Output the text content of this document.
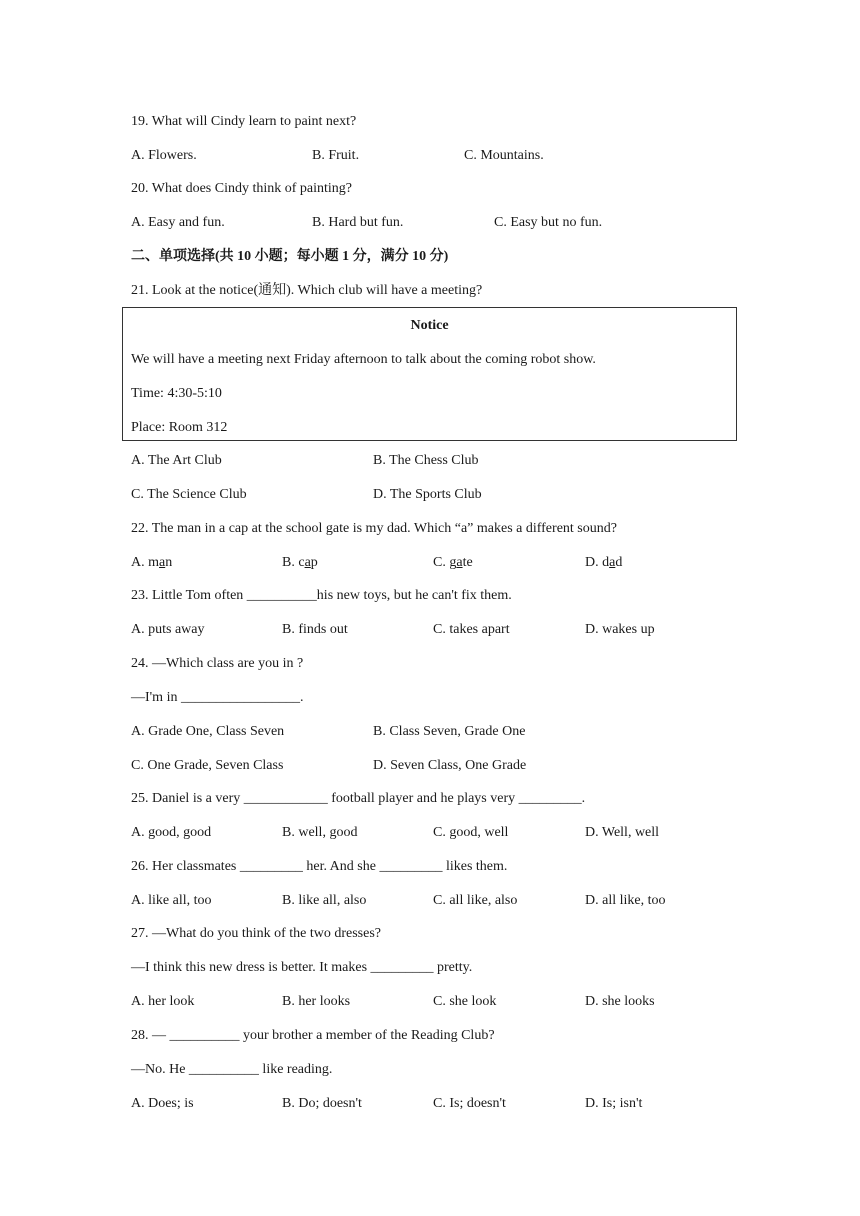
19. What will Cindy learn to paint next?
A. Flowers.	B. Fruit.	C. Mountains.
20. What does Cindy think of painting?
A. Easy and fun.	B. Hard but fun.	C. Easy but no fun.
二、单项选择(共 10 小题；每小题 1 分，满分 10 分)
21. Look at the notice(通知). Which club will have a meeting?
Notice
We will have a meeting next Friday afternoon to talk about the coming robot show.
Time: 4:30-5:10
Place: Room 312
A. The Art Club	B. The Chess Club
C. The Science Club	D. The Sports Club
22. The man in a cap at the school gate is my dad. Which “a” makes a different sound?
A. man	B. cap	C. gate	D. dad
23. Little Tom often __________his new toys, but he can't fix them.
A. puts away	B. finds out	C. takes apart	D. wakes up
24. —Which class are you in ?
—I'm in _________________.
A. Grade One, Class Seven	B. Class Seven, Grade One
C. One Grade, Seven Class	D. Seven Class, One Grade
25. Daniel is a very ____________ football player and he plays very _________.
A. good, good	B. well, good	C. good, well	D. Well, well
26. Her classmates _________ her. And she _________ likes them.
A. like all, too	B. like all, also	C. all like, also	D. all like, too
27. —What do you think of the two dresses?
—I think this new dress is better. It makes _________ pretty.
A. her look	B. her looks	C. she look	D. she looks
28. — __________ your brother a member of the Reading Club?
—No. He __________ like reading.
A. Does; is	B. Do; doesn't	C. Is; doesn't	D. Is; isn't
